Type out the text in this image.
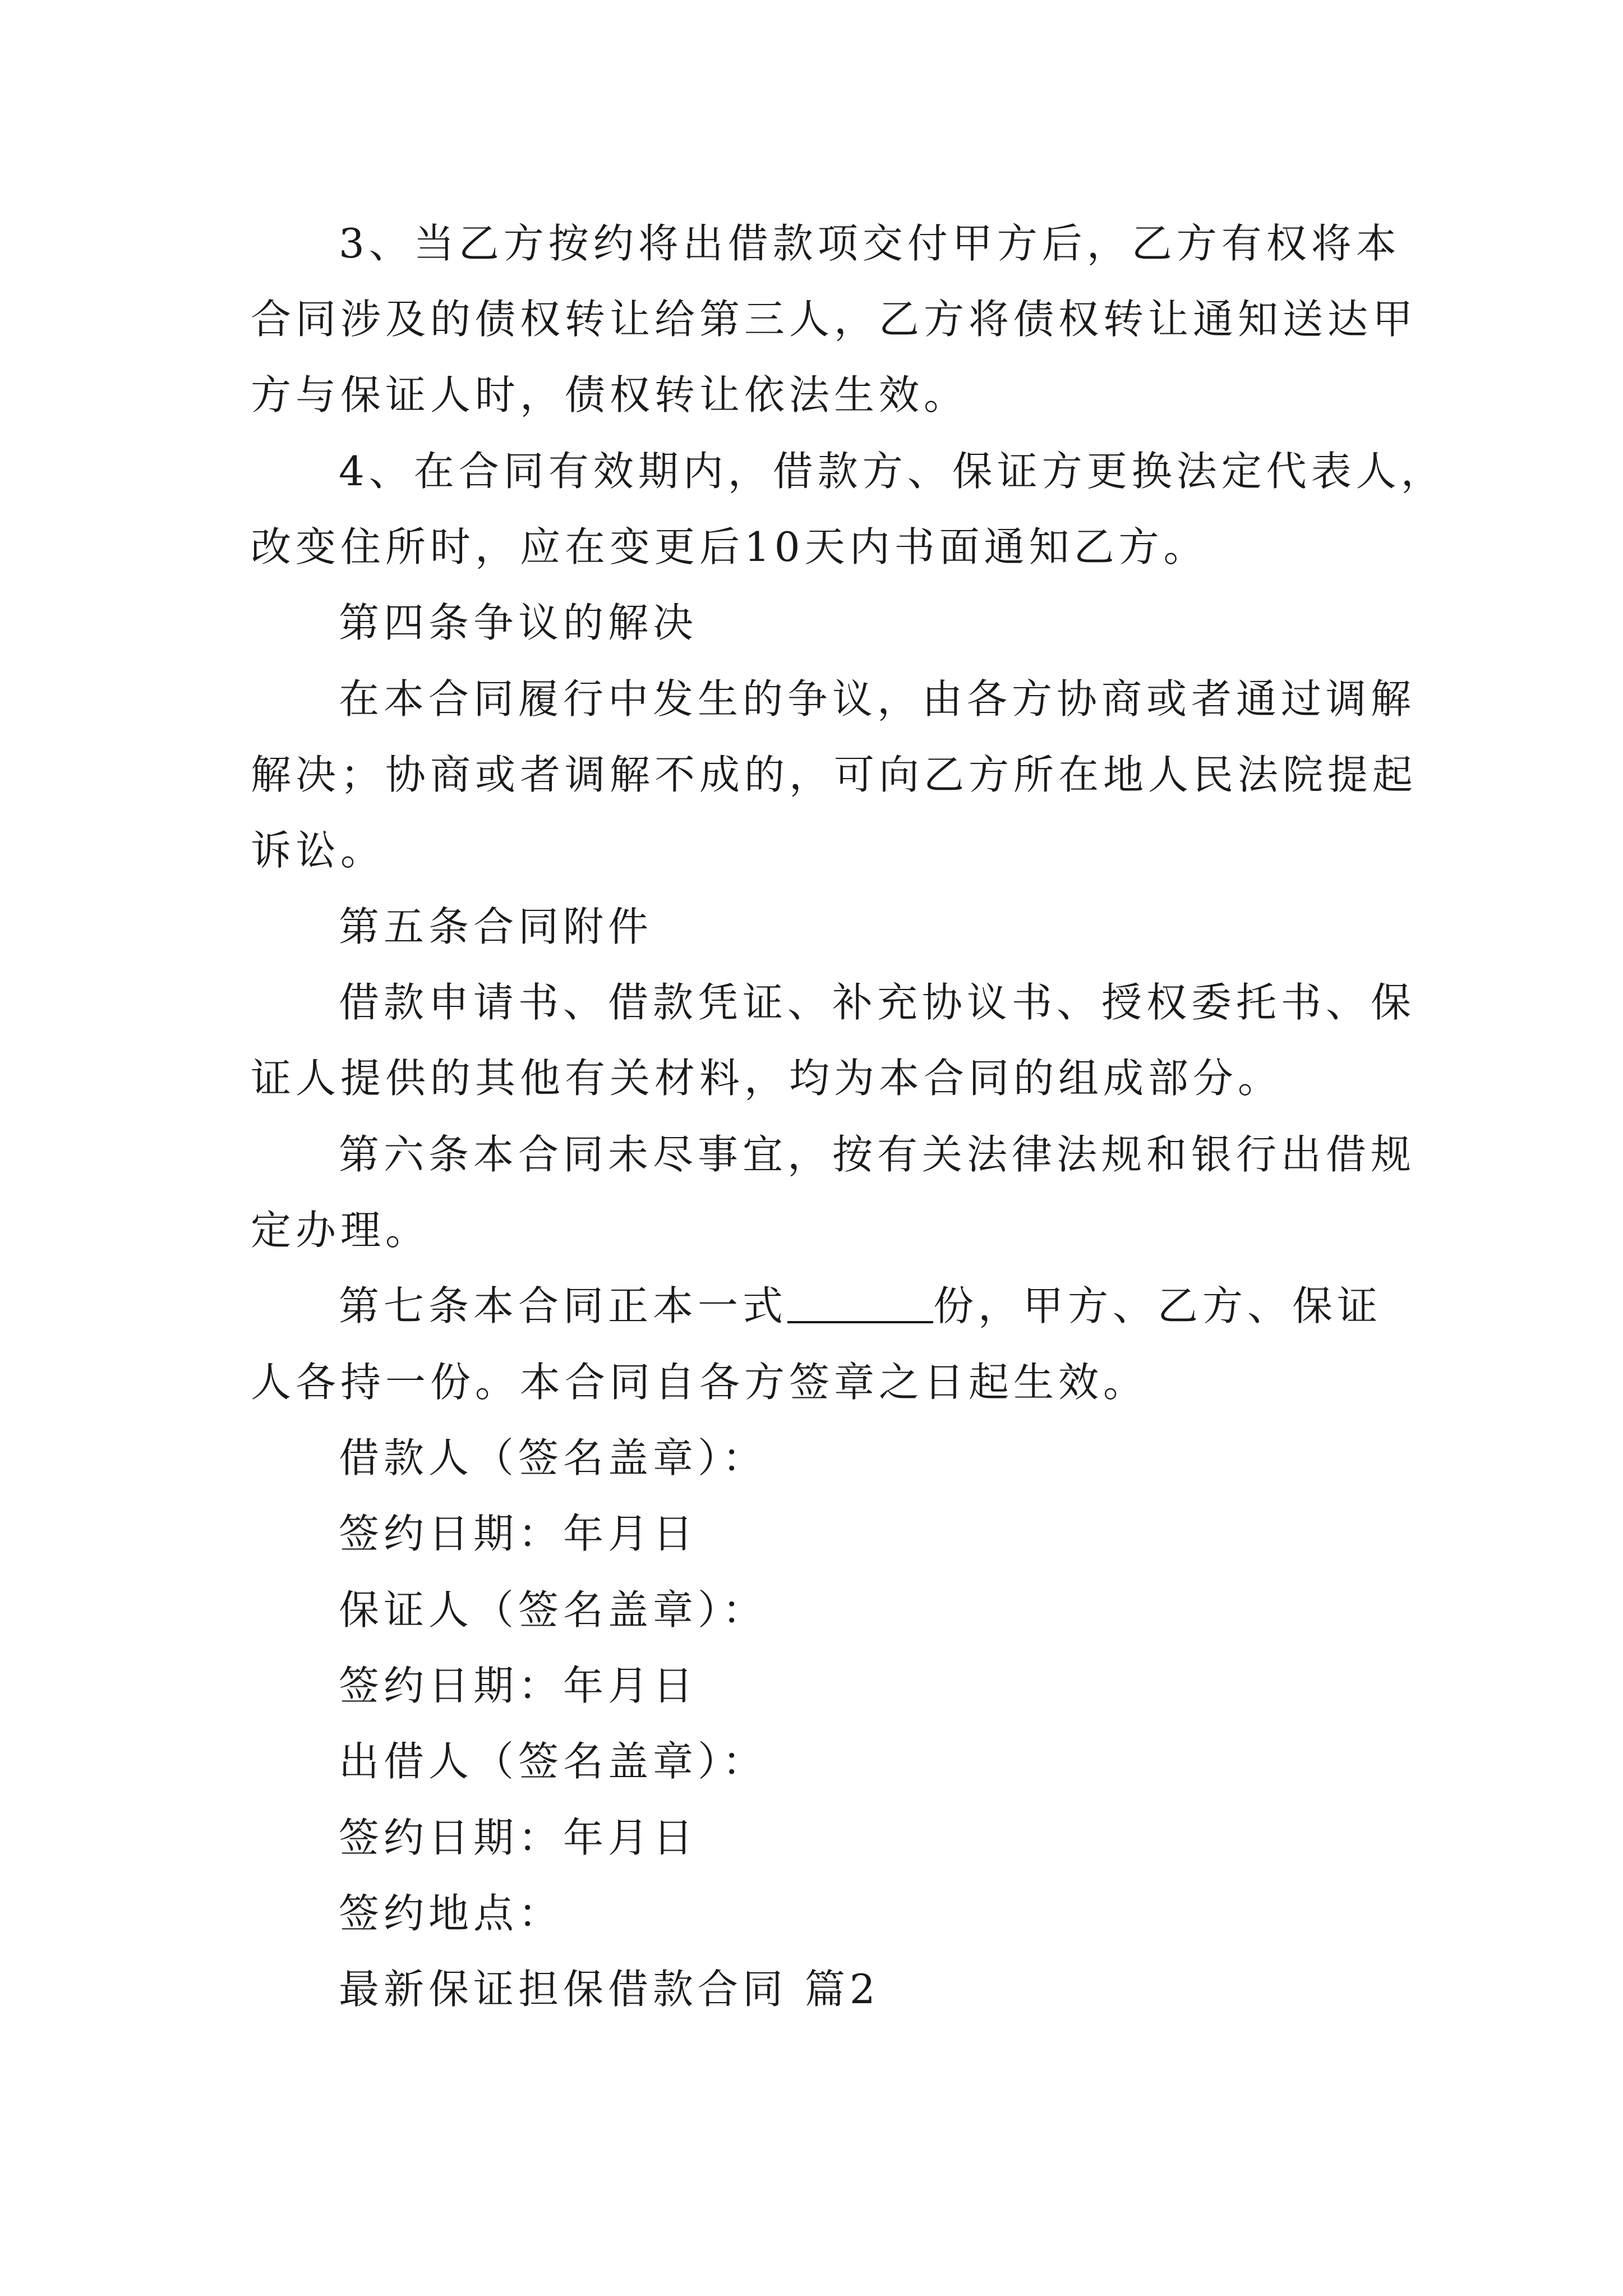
3、当乙方按约将出借款项交付甲方后，乙方有权将本
合同涉及的债权转让给第三人，乙方将债权转让通知送达甲
方与保证人时，债权转让依法生效。
4、在合同有效期内，借款方、保证方更换法定代表人，
改变住所时，应在变更后10天内书面通知乙方。
第四条争议的解决
在本合同履行中发生的争议，由各方协商或者通过调解
解决；协商或者调解不成的，可向乙方所在地人民法院提起
诉讼。
第五条合同附件
借款申请书、借款凭证、补充协议书、授权委托书、保
证人提供的其他有关材料，均为本合同的组成部分。
第六条本合同未尽事宜，按有关法律法规和银行出借规
定办理。
第七条本合同正本一式	份，甲方、乙方、保证
人各持一份。本合同自各方签章之日起生效。
借款人（签名盖章）：
签约日期：年月日
保证人（签名盖章）：
签约日期：年月日
出借人（签名盖章）：
签约日期：年月日
签约地点：
最新保证担保借款合同 篇2
